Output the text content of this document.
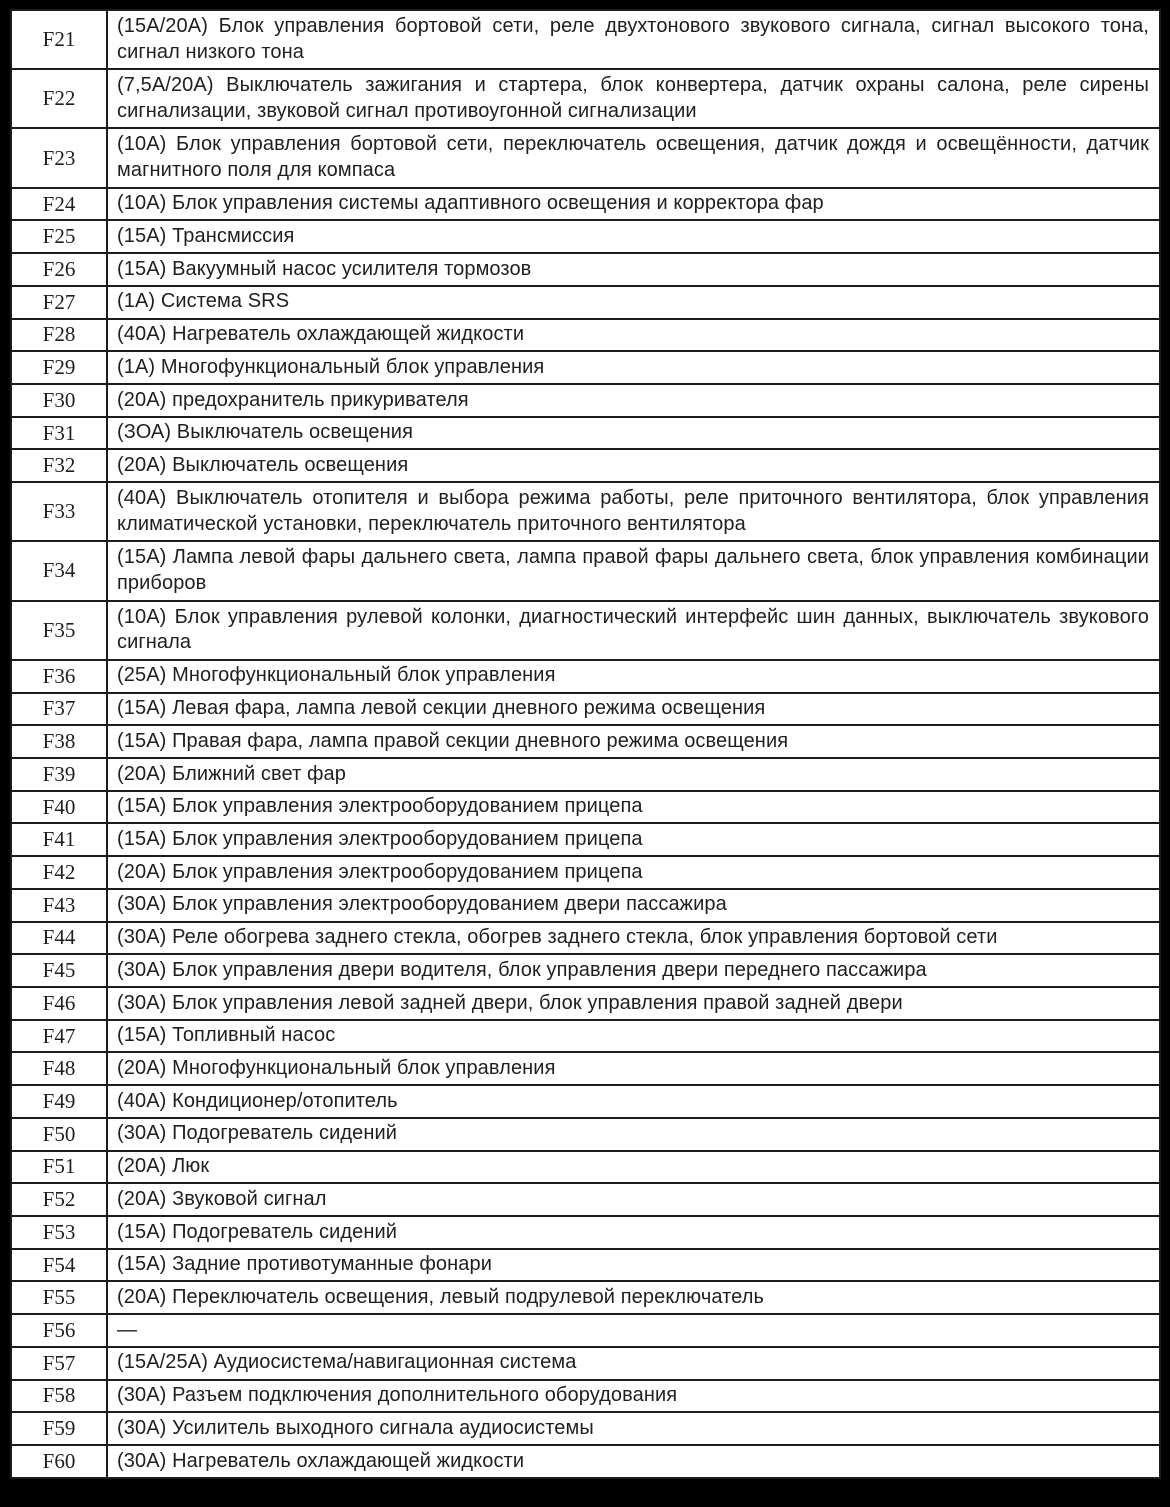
F21	(15А/20А) Блок управления бортовой сети, реле двухтонового звукового сигнала, сигнал высокого тона, сигнал низкого тона
F22	(7,5А/20А) Выключатель зажигания и стартера, блок конвертера, датчик охраны салона, реле сирены сигнализации, звуковой сигнал противоугонной сигнализации
F23	(10А) Блок управления бортовой сети, переключатель освещения, датчик дождя и освещённости, датчик магнитного поля для компаса
F24	(10А) Блок управления системы адаптивного освещения и корректора фар
F25	(15А) Трансмиссия
F26	(15А) Вакуумный насос усилителя тормозов
F27	(1А) Система SRS
F28	(40А) Нагреватель охлаждающей жидкости
F29	(1А) Многофункциональный блок управления
F30	(20А) предохранитель прикуривателя
F31	(ЗОА) Выключатель освещения
F32	(20А) Выключатель освещения
F33	(40А) Выключатель отопителя и выбора режима работы, реле приточного вентилятора, блок управления климатической установки, переключатель приточного вентилятора
F34	(15А) Лампа левой фары дальнего света, лампа правой фары дальнего света, блок управления комбинации приборов
F35	(10А) Блок управления рулевой колонки, диагностический интерфейс шин данных, выключатель звукового сигнала
F36	(25А) Многофункциональный блок управления
F37	(15А) Левая фара, лампа левой секции дневного режима освещения
F38	(15А) Правая фара, лампа правой секции дневного режима освещения
F39	(20А) Ближний свет фар
F40	(15А) Блок управления электрооборудованием прицепа
F41	(15А) Блок управления электрооборудованием прицепа
F42	(20А) Блок управления электрооборудованием прицепа
F43	(30А) Блок управления электрооборудованием двери пассажира
F44	(30А) Реле обогрева заднего стекла, обогрев заднего стекла, блок управления бортовой сети
F45	(30А) Блок управления двери водителя, блок управления двери переднего пассажира
F46	(30А) Блок управления левой задней двери, блок управления правой задней двери
F47	(15А) Топливный насос
F48	(20А) Многофункциональный блок управления
F49	(40А) Кондиционер/отопитель
F50	(30А) Подогреватель сидений
F51	(20А) Люк
F52	(20А) Звуковой сигнал
F53	(15А) Подогреватель сидений
F54	(15А) Задние противотуманные фонари
F55	(20А) Переключатель освещения, левый подрулевой переключатель
F56	—
F57	(15А/25А) Аудиосистема/навигационная система
F58	(30А) Разъем подключения дополнительного оборудования
F59	(30А) Усилитель выходного сигнала аудиосистемы
F60	(30А) Нагреватель охлаждающей жидкости
